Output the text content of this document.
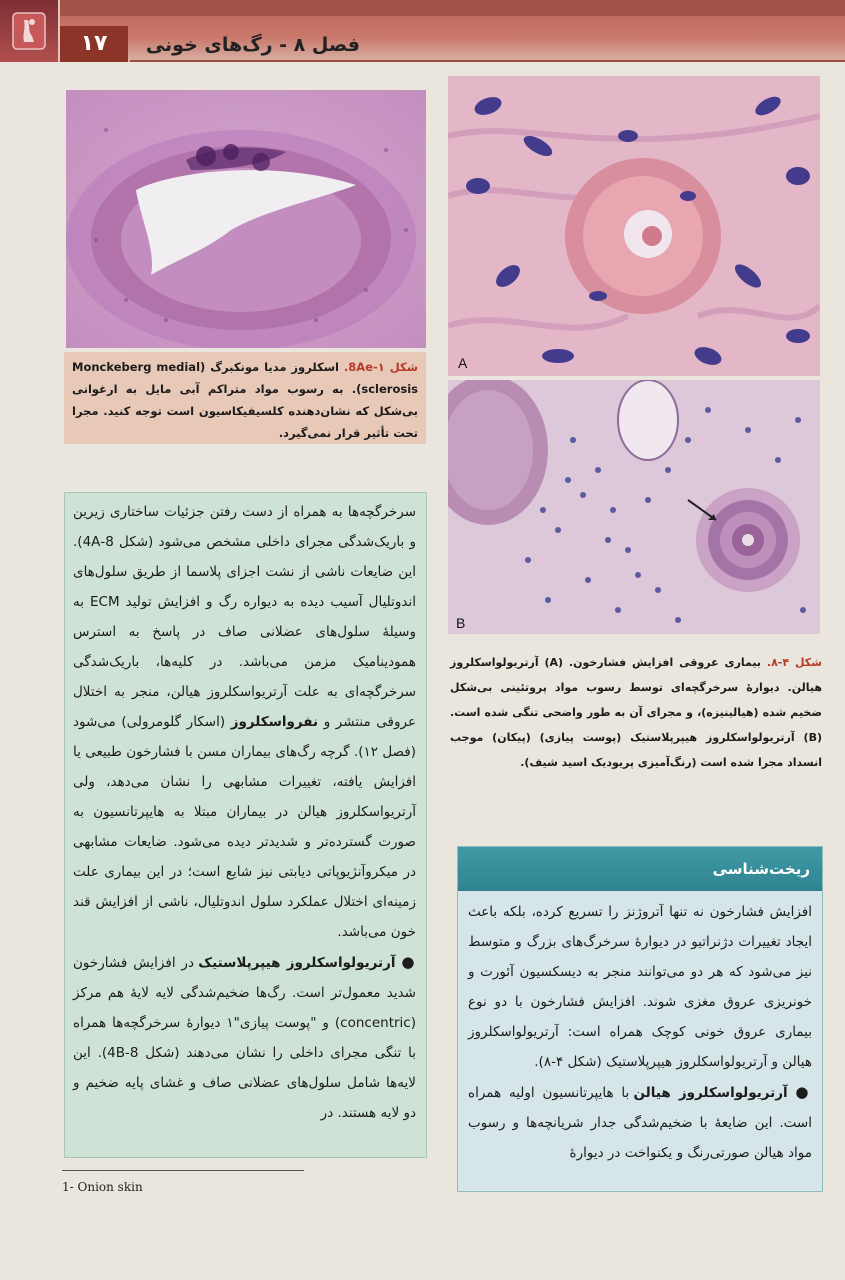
۱۷	فصل ۸ - رگ‌های خونی
شکل ۱-8Ae. اسکلروز مدیا مونکبرگ (Monckeberg medial sclerosis). به رسوب مواد متراکم آبی مایل به ارغوانی بی‌شکل که نشان‌دهنده کلسیفیکاسیون است توجه کنید. مجرا تحت تأثیر قرار نمی‌گیرد.
A
B
شکل ۴-۸. بیماری عروقی افزایش فشارخون. (A) آرتریولواسکلروز هیالن. دیوارهٔ سرخرگچه‌ای توسط رسوب مواد پروتئینی بی‌شکل ضخیم شده (هیالینیزه)، و مجرای آن به طور واضحی تنگی شده است. (B) آرتریولواسکلروز هیپرپلاستیک (پوست پیازی) (پیکان) موجب انسداد مجرا شده است (رنگ‌آمیزی پریودیک اسید شیف).

سرخرگچه‌ها به همراه از دست رفتن جزئیات ساختاری زیرین و باریک‌شدگی مجرای داخلی مشخص می‌شود (شکل 8-4A). این ضایعات ناشی از نشت اجزای پلاسما از طریق سلول‌های اندوتلیال آسیب دیده به دیواره رگ و افزایش تولید ECM به وسیلهٔ سلول‌های عضلانی صاف در پاسخ به استرس همودینامیک مزمن می‌باشد. در کلیه‌ها، باریک‌شدگی سرخرگچه‌ای به علت آرتریواسکلروز هیالن، منجر به اختلال عروقی منتشر و نفرواسکلروز (اسکار گلومرولی) می‌شود (فصل ۱۲). گرچه رگ‌های بیماران مسن با فشارخون طبیعی یا افزایش یافته، تغییرات مشابهی را نشان می‌دهد، ولی آرتریواسکلروز هیالن در بیماران مبتلا به هایپرتانسیون به صورت گسترده‌تر و شدیدتر دیده می‌شود. ضایعات مشابهی در میکروآنژیوپاتی دیابتی نیز شایع است؛ در این بیماری علت زمینه‌ای اختلال عملکرد سلول اندوتلیال، ناشی از افزایش قند خون می‌باشد.

● آرتریولواسکلروز هیپرپلاستیک در افزایش فشارخون شدید معمول‌تر است. رگ‌ها ضخیم‌شدگی لایه لایهٔ هم مرکز (concentric) و "پوست پیازی"۱ دیوارهٔ سرخرگچه‌ها همراه با تنگی مجرای داخلی را نشان می‌دهند (شکل 8-4B). این لایه‌ها شامل سلول‌های عضلانی صاف و غشای پایه ضخیم و دو لایه هستند. در

ریخت‌شناسی

افزایش فشارخون نه تنها آتروژنز را تسریع کرده، بلکه باعث ایجاد تغییرات دژنراتیو در دیوارهٔ سرخرگ‌های بزرگ و متوسط نیز می‌شود که هر دو می‌توانند منجر به دیسکسیون آئورت و خونریزی عروق مغزی شوند. افزایش فشارخون با دو نوع بیماری عروق خونی کوچک همراه است: آرتریولواسکلروز هیالن و آرتریولواسکلروز هیپرپلاستیک (شکل ۴-۸).

● آرتریولواسکلروز هیالن با هایپرتانسیون اولیه همراه است. این ضایعهٔ با ضخیم‌شدگی جدار شریانچه‌ها و رسوب مواد هیالن صورتی‌رنگ و یکنواخت در دیوارهٔ

1- Onion skin
